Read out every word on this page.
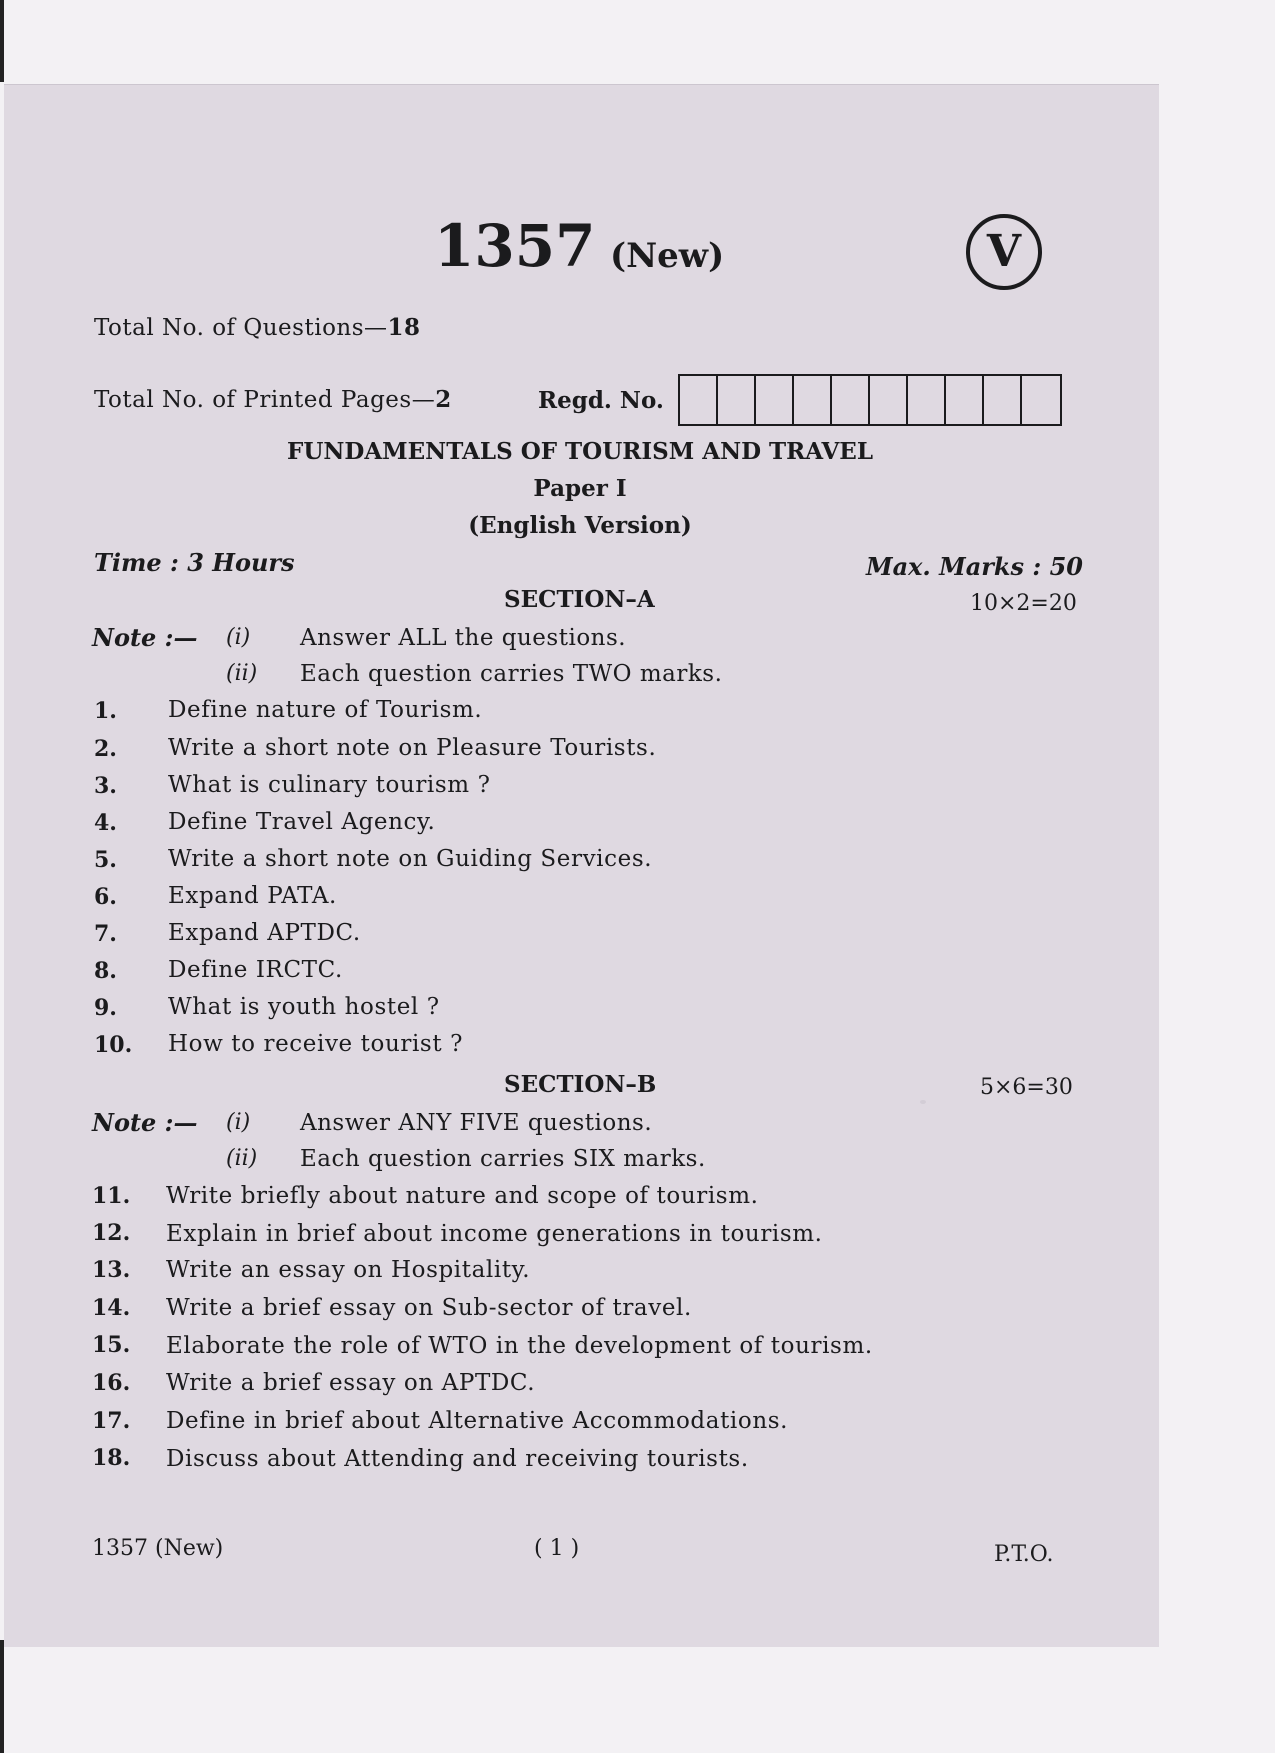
1357 (New)	V
Total No. of Questions—18
Total No. of Printed Pages—2	Regd. No.
FUNDAMENTALS OF TOURISM AND TRAVEL
Paper I
(English Version)
Time : 3 Hours	Max. Marks : 50
SECTION–A	10×2=20
Note :— (i) Answer ALL the questions.
(ii) Each question carries TWO marks.
1. Define nature of Tourism.
2. Write a short note on Pleasure Tourists.
3. What is culinary tourism ?
4. Define Travel Agency.
5. Write a short note on Guiding Services.
6. Expand PATA.
7. Expand APTDC.
8. Define IRCTC.
9. What is youth hostel ?
10. How to receive tourist ?
SECTION–B	5×6=30
Note :— (i) Answer ANY FIVE questions.
(ii) Each question carries SIX marks.
11. Write briefly about nature and scope of tourism.
12. Explain in brief about income generations in tourism.
13. Write an essay on Hospitality.
14. Write a brief essay on Sub-sector of travel.
15. Elaborate the role of WTO in the development of tourism.
16. Write a brief essay on APTDC.
17. Define in brief about Alternative Accommodations.
18. Discuss about Attending and receiving tourists.
1357 (New)	( 1 )	P.T.O.
